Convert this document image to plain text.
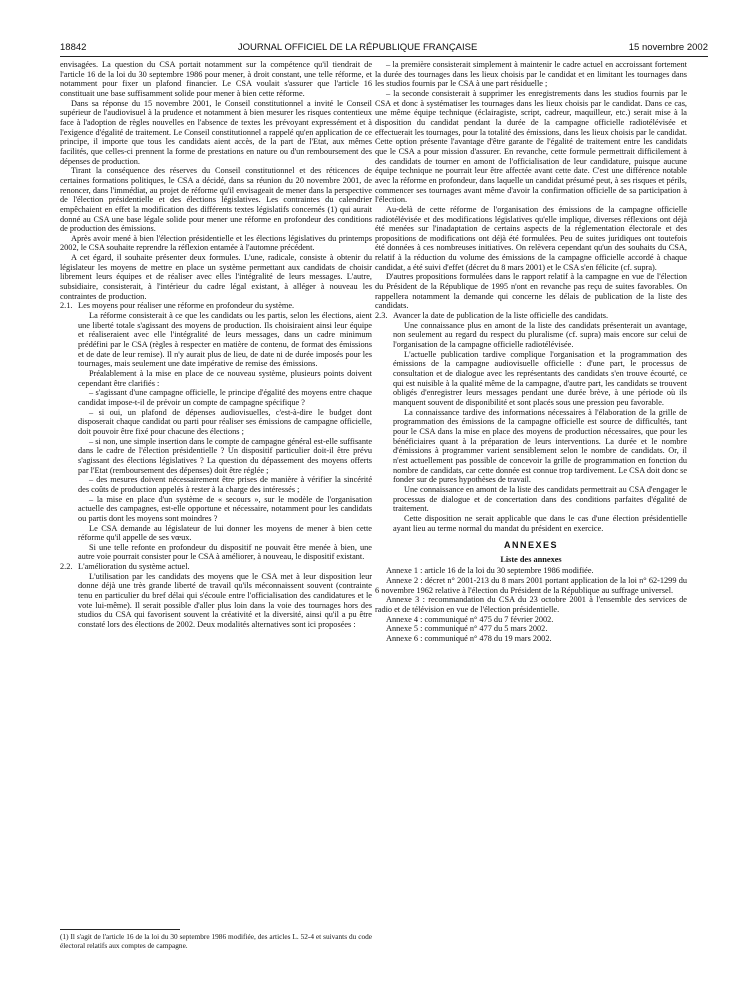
18842	JOURNAL OFFICIEL DE LA RÉPUBLIQUE FRANÇAISE	15 novembre 2002

envisagées. La question du CSA portait notamment sur la compétence qu'il tiendrait de l'article 16 de la loi du 30 septembre 1986 pour mener, à droit constant, une telle réforme, et notamment pour fixer un plafond financier. Le CSA voulait s'assurer que l'article 16 constituait une base suffisamment solide pour mener à bien cette réforme.

Dans sa réponse du 15 novembre 2001, le Conseil constitutionnel a invité le Conseil supérieur de l'audiovisuel à la prudence et notamment à bien mesurer les risques contentieux face à l'adoption de règles nouvelles en l'absence de textes les prévoyant expressément et à l'exigence d'égalité de traitement. Le Conseil constitutionnel a rappelé qu'en application de ce principe, il importe que tous les candidats aient accès, de la part de l'Etat, aux mêmes facilités, que celles-ci prennent la forme de prestations en nature ou d'un remboursement des dépenses de production.

Tirant la conséquence des réserves du Conseil constitutionnel et des réticences de certaines formations politiques, le CSA a décidé, dans sa réunion du 20 novembre 2001, de renoncer, dans l'immédiat, au projet de réforme qu'il envisageait de mener dans la perspective de l'élection présidentielle et des élections législatives. Les contraintes du calendrier empêchaient en effet la modification des différents textes législatifs concernés (1) qui aurait donné au CSA une base légale solide pour mener une réforme en profondeur des conditions de production des émissions.

Après avoir mené à bien l'élection présidentielle et les élections législatives du printemps 2002, le CSA souhaite reprendre la réflexion entamée à l'automne précédent.

A cet égard, il souhaite présenter deux formules. L'une, radicale, consiste à obtenir du législateur les moyens de mettre en place un système permettant aux candidats de choisir librement leurs équipes et de réaliser avec elles l'intégralité de leurs messages. L'autre, subsidiaire, consisterait, à l'intérieur du cadre légal existant, à alléger à nouveau les contraintes de production.

2.1. Les moyens pour réaliser une réforme en profondeur du système.

La réforme consisterait à ce que les candidats ou les partis, selon les élections, aient une liberté totale s'agissant des moyens de production. Ils choisiraient ainsi leur équipe et réaliseraient avec elle l'intégralité de leurs messages, dans un cadre minimum prédéfini par le CSA (règles à respecter en matière de contenu, de format des émissions et de date de leur remise). Il n'y aurait plus de lieu, de date ni de durée imposés pour les tournages, mais seulement une date impérative de remise des émissions.

Préalablement à la mise en place de ce nouveau système, plusieurs points doivent cependant être clarifiés :

– s'agissant d'une campagne officielle, le principe d'égalité des moyens entre chaque candidat impose-t-il de prévoir un compte de campagne spécifique ?

– si oui, un plafond de dépenses audiovisuelles, c'est-à-dire le budget dont disposerait chaque candidat ou parti pour réaliser ses émissions de campagne officielle, doit pouvoir être fixé pour chacune des élections ;

– si non, une simple insertion dans le compte de campagne général est-elle suffisante dans le cadre de l'élection présidentielle ? Un dispositif particulier doit-il être prévu s'agissant des élections législatives ? La question du dépassement des moyens offerts par l'Etat (remboursement des dépenses) doit être réglée ;

– des mesures doivent nécessairement être prises de manière à vérifier la sincérité des coûts de production appelés à rester à la charge des intéressés ;

– la mise en place d'un système de « secours », sur le modèle de l'organisation actuelle des campagnes, est-elle opportune et nécessaire, notamment pour les candidats ou partis dont les moyens sont moindres ?

Le CSA demande au législateur de lui donner les moyens de mener à bien cette réforme qu'il appelle de ses vœux.

Si une telle refonte en profondeur du dispositif ne pouvait être menée à bien, une autre voie pourrait consister pour le CSA à améliorer, à nouveau, le dispositif existant.

2.2. L'amélioration du système actuel.

L'utilisation par les candidats des moyens que le CSA met à leur disposition leur donne déjà une très grande liberté de travail qu'ils méconnaissent souvent (contrainte tenu en particulier du bref délai qui s'écoule entre l'officialisation des candidatures et le vote lui-même). Il serait possible d'aller plus loin dans la voie des tournages hors des studios du CSA qui favorisent souvent la créativité et la diversité, ainsi qu'il a pu être constaté lors des élections de 2002. Deux modalités alternatives sont ici proposées :

(1) Il s'agit de l'article 16 de la loi du 30 septembre 1986 modifiée, des articles L. 52-4 et suivants du code électoral relatifs aux comptes de campagne.

– la première consisterait simplement à maintenir le cadre actuel en accroissant fortement la durée des tournages dans les lieux choisis par le candidat et en limitant les tournages dans les studios fournis par le CSA à une part résiduelle ;

– la seconde consisterait à supprimer les enregistrements dans les studios fournis par le CSA et donc à systématiser les tournages dans les lieux choisis par le candidat. Dans ce cas, une même équipe technique (éclairagiste, script, cadreur, maquilleur, etc.) serait mise à la disposition du candidat pendant la durée de la campagne officielle radiotélévisée et effectuerait les tournages, pour la totalité des émissions, dans les lieux choisis par le candidat. Cette option présente l'avantage d'être garante de l'égalité de traitement entre les candidats que le CSA a pour mission d'assurer. En revanche, cette formule permettrait difficilement à des candidats de tourner en amont de l'officialisation de leur candidature, puisque aucune équipe technique ne pourrait leur être affectée avant cette date. C'est une différence notable avec la réforme en profondeur, dans laquelle un candidat présumé peut, à ses risques et périls, commencer ses tournages avant même d'avoir la confirmation officielle de sa participation à l'élection.

Au-delà de cette réforme de l'organisation des émissions de la campagne officielle radiotélévisée et des modifications législatives qu'elle implique, diverses réflexions ont déjà été menées sur l'inadaptation de certains aspects de la réglementation électorale et des propositions de modifications ont déjà été formulées. Peu de suites juridiques ont toutefois été données à ces nombreuses initiatives. On relèvera cependant qu'un des souhaits du CSA, relatif à la réduction du volume des émissions de la campagne officielle accordé à chaque candidat, a été suivi d'effet (décret du 8 mars 2001) et le CSA s'en félicite (cf. supra).

D'autres propositions formulées dans le rapport relatif à la campagne en vue de l'élection du Président de la République de 1995 n'ont en revanche pas reçu de suites favorables. On rappellera notamment la demande qui concerne les délais de publication de la liste des candidats.

2.3. Avancer la date de publication de la liste officielle des candidats.

Une connaissance plus en amont de la liste des candidats présenterait un avantage, non seulement au regard du respect du pluralisme (cf. supra) mais encore sur celui de l'organisation de la campagne officielle radiotélévisée.

L'actuelle publication tardive complique l'organisation et la programmation des émissions de la campagne audiovisuelle officielle : d'une part, le processus de consultation et de dialogue avec les représentants des candidats s'en trouve écourté, ce qui est nuisible à la qualité même de la campagne, d'autre part, les candidats se trouvent obligés d'enregistrer leurs messages pendant une durée brève, à une période où ils manquent souvent de disponibilité et sont placés sous une pression peu favorable.

La connaissance tardive des informations nécessaires à l'élaboration de la grille de programmation des émissions de la campagne officielle est source de difficultés, tant pour le CSA dans la mise en place des moyens de production nécessaires, que pour les bénéficiaires quant à la préparation de leurs interventions. La durée et le nombre d'émissions à programmer varient sensiblement selon le nombre de candidats. Or, il n'est actuellement pas possible de concevoir la grille de programmation en fonction du nombre de candidats, car cette donnée est connue trop tardivement. Le CSA doit donc se fonder sur de pures hypothèses de travail.

Une connaissance en amont de la liste des candidats permettrait au CSA d'engager le processus de dialogue et de concertation dans des conditions parfaites d'égalité de traitement.

Cette disposition ne serait applicable que dans le cas d'une élection présidentielle ayant lieu au terme normal du mandat du président en exercice.

ANNEXES
Liste des annexes

Annexe 1 : article 16 de la loi du 30 septembre 1986 modifiée.

Annexe 2 : décret n° 2001-213 du 8 mars 2001 portant application de la loi n° 62-1299 du 6 novembre 1962 relative à l'élection du Président de la République au suffrage universel.

Annexe 3 : recommandation du CSA du 23 octobre 2001 à l'ensemble des services de radio et de télévision en vue de l'élection présidentielle.

Annexe 4 : communiqué n° 475 du 7 février 2002.

Annexe 5 : communiqué n° 477 du 5 mars 2002.

Annexe 6 : communiqué n° 478 du 19 mars 2002.
